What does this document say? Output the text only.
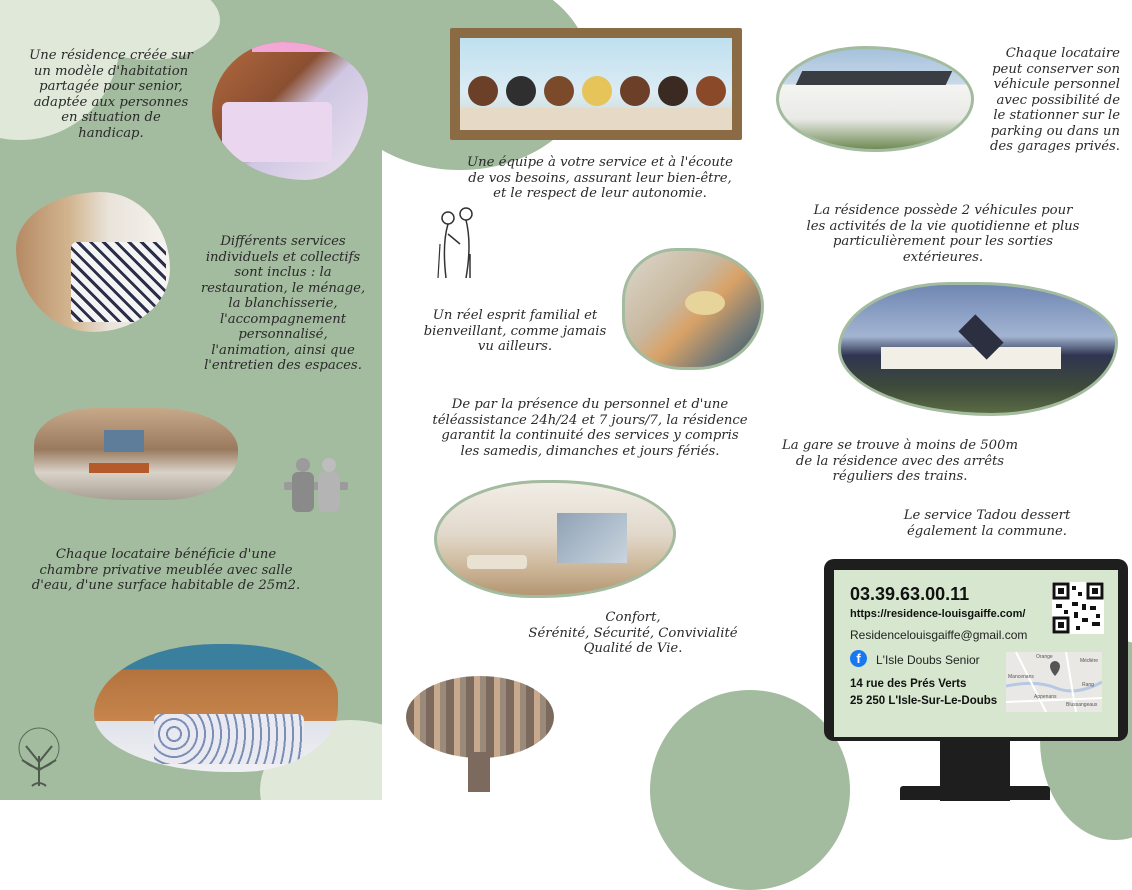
Une résidence créée sur
un modèle d'habitation
partagée pour senior,
adaptée aux personnes
en situation de
handicap.
Différents services
individuels et collectifs
sont inclus : la
restauration, le ménage,
la blanchisserie,
l'accompagnement
personnalisé,
l'animation, ainsi que
l'entretien des espaces.
Chaque locataire bénéficie d'une
chambre privative meublée avec salle
d'eau, d'une surface habitable de 25m2.
Une équipe à votre service et à l'écoute
de vos besoins, assurant leur bien-être,
et le respect de leur autonomie.
Un réel esprit familial et
bienveillant, comme jamais
vu ailleurs.
De par la présence du personnel et d'une
téléassistance 24h/24 et 7 jours/7, la résidence
garantit la continuité des services y compris
les samedis, dimanches et jours fériés.
Confort,
Sérénité, Sécurité, Convivialité
Qualité de Vie.
Chaque locataire
peut conserver son
véhicule personnel
avec possibilité de
le stationner sur le
parking ou dans un
des garages privés.
La résidence possède 2 véhicules pour
les activités de la vie quotidienne et plus
particulièrement pour les sorties
extérieures.
La gare se trouve à moins de 500m
de la résidence avec des arrêts
réguliers des trains.
Le service Tadou dessert
également la commune.
03.39.63.00.11
https://residence-louisgaiffe.com/
Residencelouisgaiffe@gmail.com
f	L'Isle Doubs Senior
14 rue des Prés Verts
25 250 L'Isle-Sur-Le-Doubs
Orange
Mancenans
Appenans
Médière
Rang
Blussangeaux
